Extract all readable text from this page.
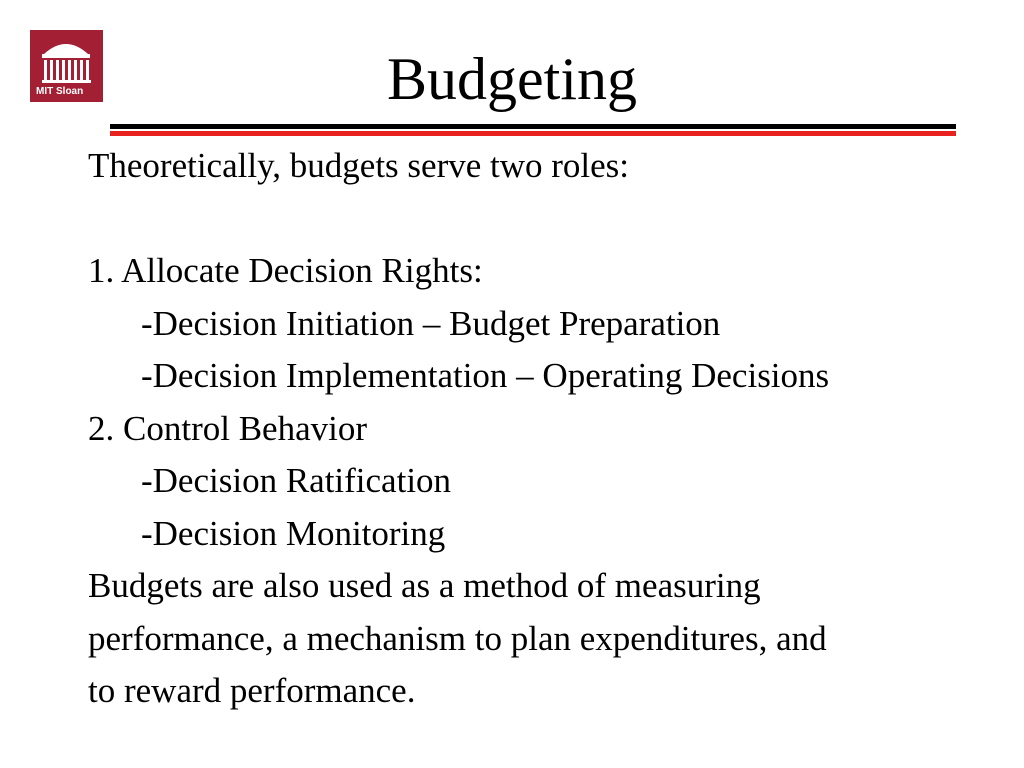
MIT Sloan	Budgeting
Theoretically, budgets serve two roles:
1. Allocate Decision Rights:
-Decision Initiation – Budget Preparation
-Decision Implementation – Operating Decisions
2. Control Behavior
-Decision Ratification
-Decision Monitoring
Budgets are also used as a method of measuring
performance, a mechanism to plan expenditures, and
to reward performance.
